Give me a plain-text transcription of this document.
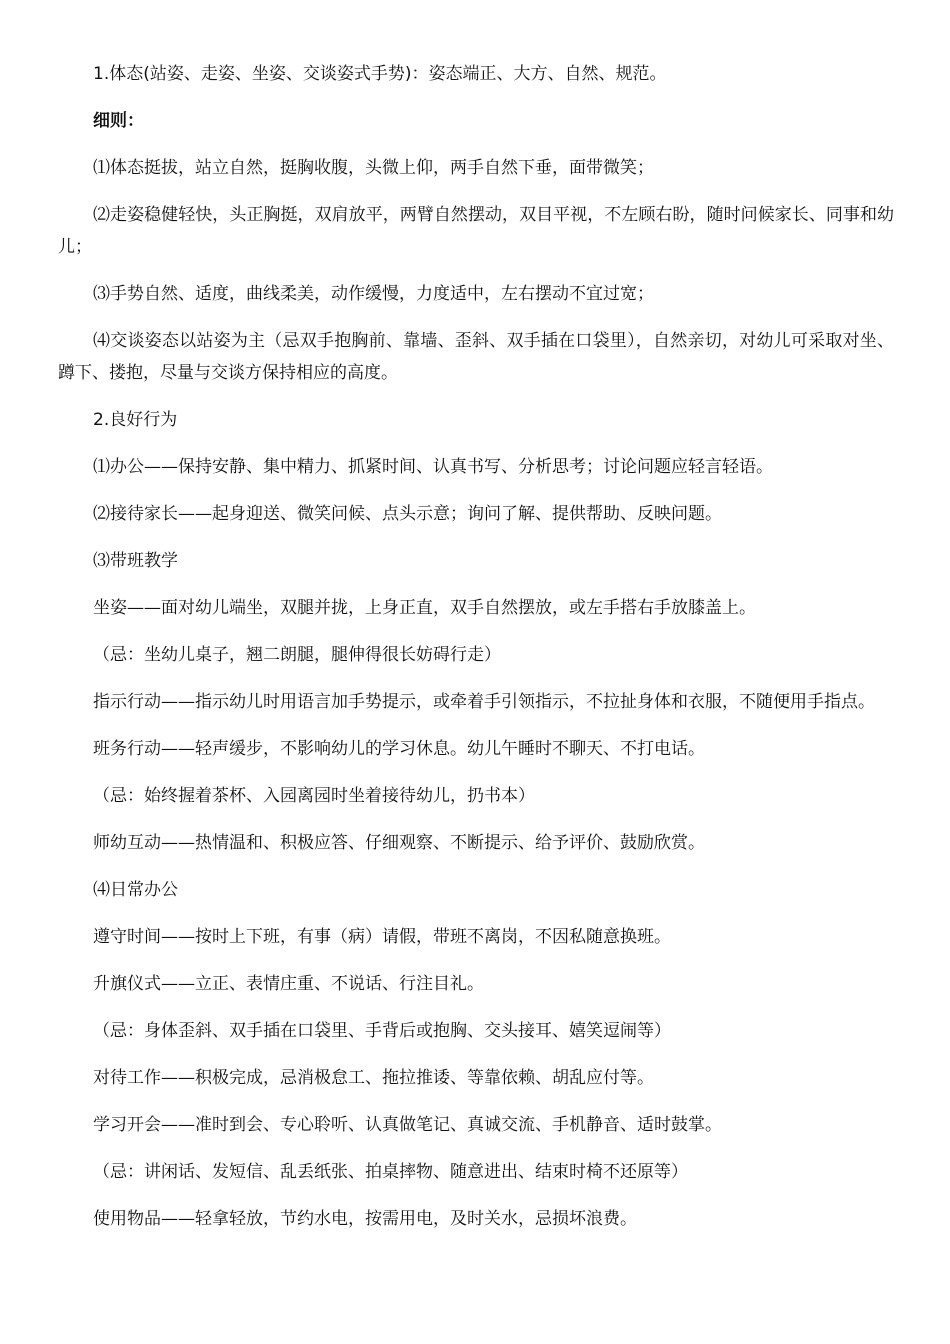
1.体态(站姿、走姿、坐姿、交谈姿式手势)：姿态端正、大方、自然、规范。

细则：

⑴体态挺拔，站立自然，挺胸收腹，头微上仰，两手自然下垂，面带微笑；

⑵走姿稳健轻快，头正胸挺，双肩放平，两臂自然摆动，双目平视，不左顾右盼，随时问候家长、同事和幼儿；

⑶手势自然、适度，曲线柔美，动作缓慢，力度适中，左右摆动不宜过宽；

⑷交谈姿态以站姿为主（忌双手抱胸前、靠墙、歪斜、双手插在口袋里），自然亲切，对幼儿可采取对坐、蹲下、搂抱，尽量与交谈方保持相应的高度。

2.良好行为

⑴办公——保持安静、集中精力、抓紧时间、认真书写、分析思考；讨论问题应轻言轻语。

⑵接待家长——起身迎送、微笑问候、点头示意；询问了解、提供帮助、反映问题。

⑶带班教学

坐姿——面对幼儿端坐，双腿并拢，上身正直，双手自然摆放，或左手搭右手放膝盖上。

（忌：坐幼儿桌子，翘二朗腿，腿伸得很长妨碍行走）

指示行动——指示幼儿时用语言加手势提示，或牵着手引领指示，不拉扯身体和衣服，不随便用手指点。

班务行动——轻声缓步，不影响幼儿的学习休息。幼儿午睡时不聊天、不打电话。

（忌：始终握着茶杯、入园离园时坐着接待幼儿，扔书本）

师幼互动——热情温和、积极应答、仔细观察、不断提示、给予评价、鼓励欣赏。

⑷日常办公

遵守时间——按时上下班，有事（病）请假，带班不离岗，不因私随意换班。

升旗仪式——立正、表情庄重、不说话、行注目礼。

（忌：身体歪斜、双手插在口袋里、手背后或抱胸、交头接耳、嬉笑逗闹等）

对待工作——积极完成，忌消极怠工、拖拉推诿、等靠依赖、胡乱应付等。

学习开会——准时到会、专心聆听、认真做笔记、真诚交流、手机静音、适时鼓掌。

（忌：讲闲话、发短信、乱丢纸张、拍桌摔物、随意进出、结束时椅不还原等）

使用物品——轻拿轻放，节约水电，按需用电，及时关水，忌损坏浪费。
